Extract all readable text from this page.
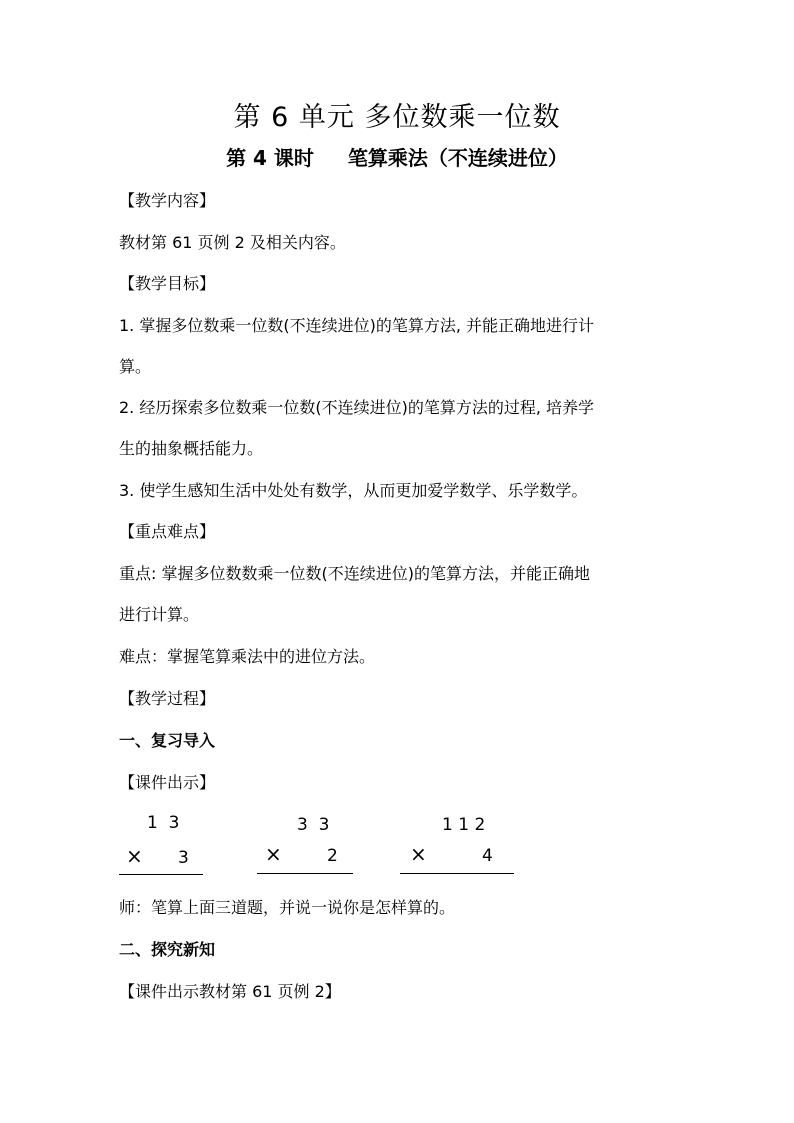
第 6 单元 多位数乘一位数
第 4 课时 笔算乘法（不连续进位）
【教学内容】
教材第 61 页例 2 及相关内容。
【教学目标】
1. 掌握多位数乘一位数(不连续进位)的笔算方法, 并能正确地进行计
算。
2. 经历探索多位数乘一位数(不连续进位)的笔算方法的过程, 培养学
生的抽象概括能力。
3. 使学生感知生活中处处有数学，从而更加爱学数学、乐学数学。
【重点难点】
重点: 掌握多位数数乘一位数(不连续进位)的笔算方法，并能正确地
进行计算。
难点：掌握笔算乘法中的进位方法。
【教学过程】
一、复习导入
【课件出示】
1  3
× 3
3  3
×	2
1 1 2
×	4
师：笔算上面三道题，并说一说你是怎样算的。
二、探究新知
【课件出示教材第 61 页例 2】
